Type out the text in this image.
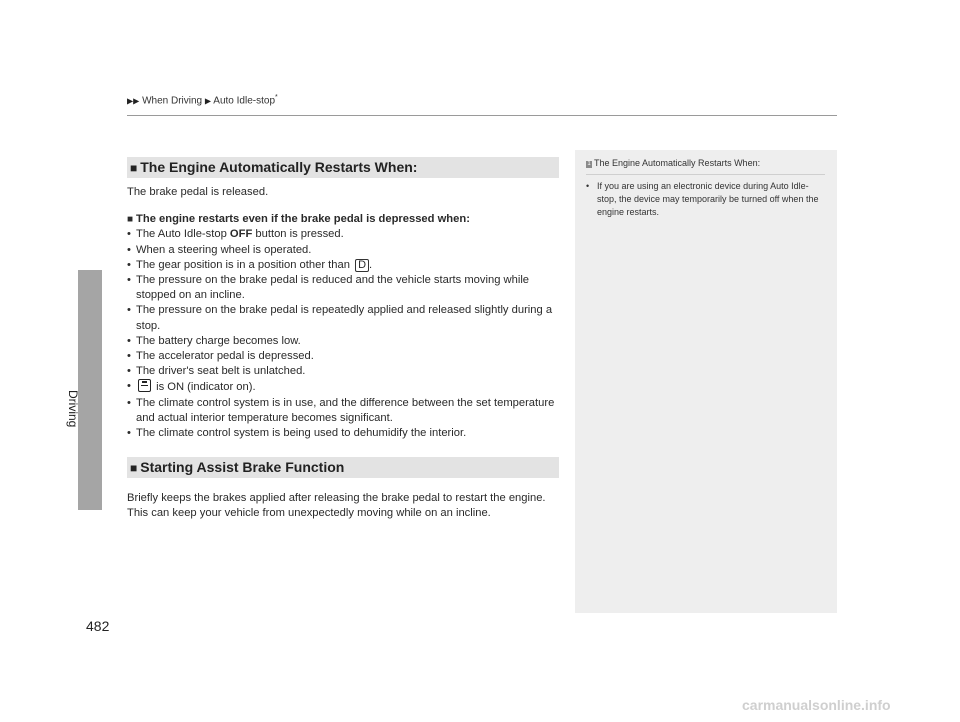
▶▶ When Driving ▶ Auto Idle-stop*
Driving
482
■ The Engine Automatically Restarts When:

The brake pedal is released.

■ The engine restarts even if the brake pedal is depressed when:

• The Auto Idle-stop OFF button is pressed.
• When a steering wheel is operated.
• The gear position is in a position other than D .
• The pressure on the brake pedal is reduced and the vehicle starts moving while stopped on an incline.
• The pressure on the brake pedal is repeatedly applied and released slightly during a stop.
• The battery charge becomes low.
• The accelerator pedal is depressed.
• The driver's seat belt is unlatched.
• is ON (indicator on).
• The climate control system is in use, and the difference between the set temperature and actual interior temperature becomes significant.
• The climate control system is being used to dehumidify the interior.
■ Starting Assist Brake Function

Briefly keeps the brakes applied after releasing the brake pedal to restart the engine. This can keep your vehicle from unexpectedly moving while on an incline.

1 The Engine Automatically Restarts When:
• If you are using an electronic device during Auto Idle-stop, the device may temporarily be turned off when the engine restarts.
carmanualsonline.info
